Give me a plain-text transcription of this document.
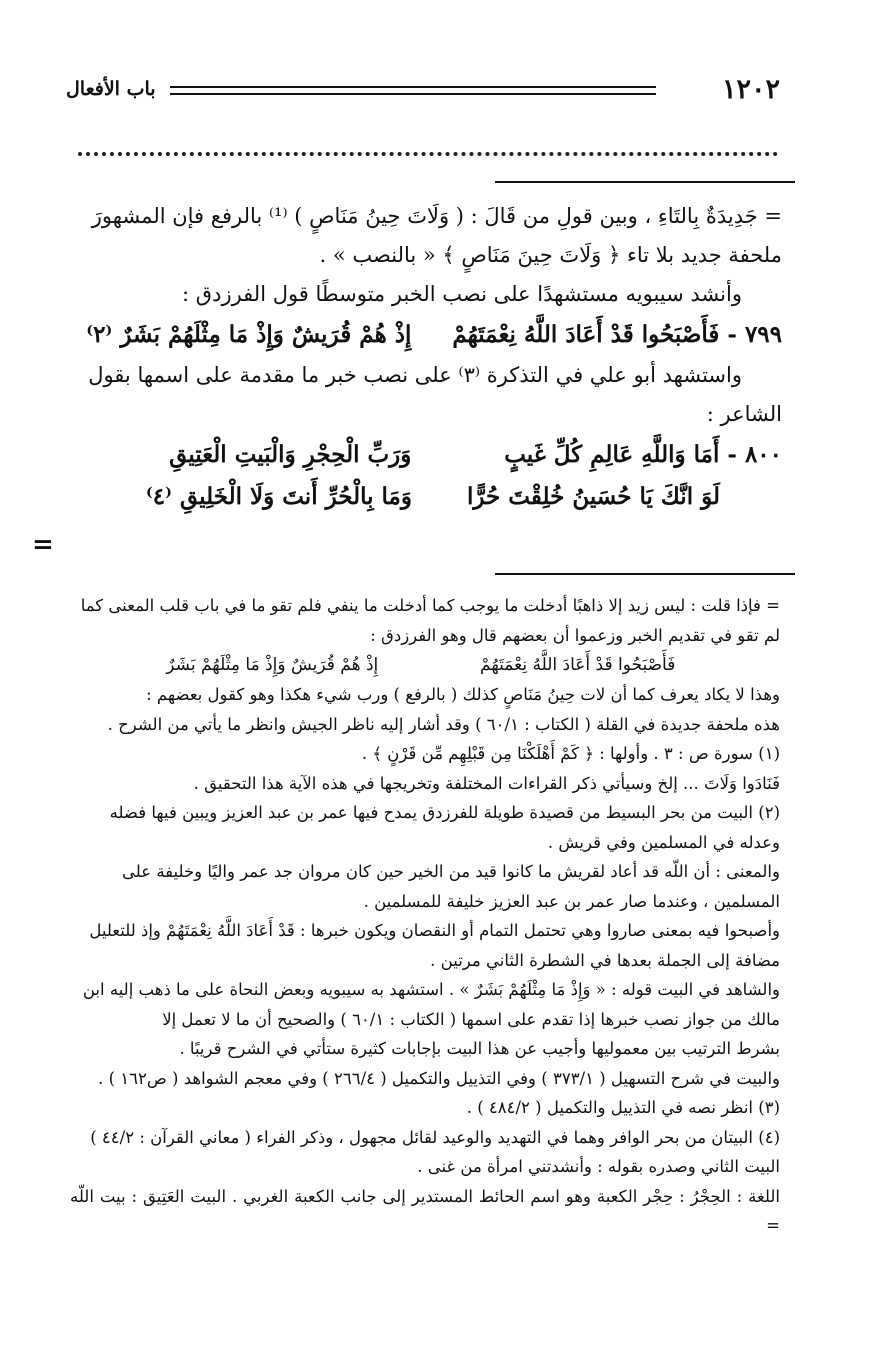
١٢٠٢
باب الأفعال

= جَدِيدَةٌ بِالتَاءِ ، وبين قولِ من قَالَ : ( وَلَاتَ حِينُ مَنَاصٍ ) ⁽¹⁾ بالرفع فإن المشهورَ

ملحفة جديد بلا تاء ﴿ وَلَاتَ حِينَ مَنَاصٍ ﴾ « بالنصب » .

وأنشد سيبويه مستشهدًا على نصب الخبر متوسطًا قول الفرزدق :

٧٩٩ - فَأَصْبَحُوا قَدْ أَعَادَ اللَّهُ نِعْمَتَهُمْ إِذْ هُمْ قُرَيشٌ وَإِذْ مَا مِثْلَهُمْ بَشَرٌ ⁽٢⁾

واستشهد أبو علي في التذكرة ⁽٣⁾ على نصب خبر ما مقدمة على اسمها بقول

الشاعر :

٨٠٠ - أَمَا وَاللَّهِ عَالِمِ كُلِّ غَيبٍ وَرَبِّ الْحِجْرِ وَالْبَيتِ الْعَتِيقِ

لَوَ انَّكَ يَا حُسَينُ خُلِقْتَ حُرًّا وَمَا بِالْحُرِّ أَنتَ وَلَا الْخَلِيقِ ⁽٤⁾

=

= فإذا قلت : ليس زيد إلا ذاهبًا أدخلت ما يوجب كما أدخلت ما ينفي فلم تقو ما في باب قلب المعنى كما

لم تقو في تقديم الخبر وزعموا أن بعضهم قال وهو الفرزدق :

فَأَصْبَحُوا قَدْ أَعَادَ اللَّهُ نِعْمَتَهُمْ إِذْ هُمْ قُرَيشٌ وَإِذْ مَا مِثْلَهُمْ بَشَرٌ

وهذا لا يكاد يعرف كما أن لات حِينُ مَنَاصٍ كذلك ( بالرفع ) ورب شيء هكذا وهو كقول بعضهم :

هذه ملحفة جديدة في القلة ( الكتاب : ٦٠/١ ) وقد أشار إليه ناظر الجيش وانظر ما يأتي من الشرح .

(١) سورة ص : ٣ . وأولها : ﴿ كَمْ أَهْلَكْنَا مِن قَبْلِهِم مِّن قَرْنٍ ﴾ .

فَنَادَوا وَلَاتَ ... إلخ وسيأتي ذكر القراءات المختلفة وتخريجها في هذه الآية هذا التحقيق .

(٢) البيت من بحر البسيط من قصيدة طويلة للفرزدق يمدح فيها عمر بن عبد العزيز ويبين فيها فضله

وعدله في المسلمين وفي قريش .

والمعنى : أن اللّه قد أعاد لقريش ما كانوا قيد من الخير حين كان مروان جد عمر واليًا وخليفة على

المسلمين ، وعندما صار عمر بن عبد العزيز خليفة للمسلمين .

وأصبحوا فيه بمعنى صاروا وهي تحتمل التمام أو النقصان ويكون خبرها : قَدْ أَعَادَ اللَّهُ نِعْمَتَهُمْ وإذ للتعليل

مضافة إلى الجملة بعدها في الشطرة الثاني مرتين .

والشاهد في البيت قوله : « وَإِذْ مَا مِثْلَهُمْ بَشَرٌ » . استشهد به سيبويه وبعض النحاة على ما ذهب إليه ابن

مالك من جواز نصب خبرها إذا تقدم على اسمها ( الكتاب : ٦٠/١ ) والصحيح أن ما لا تعمل إلا

بشرط الترتيب بين معموليها وأجيب عن هذا البيت بإجابات كثيرة ستأتي في الشرح قريبًا .

والبيت في شرح التسهيل ( ٣٧٣/١ ) وفي التذييل والتكميل ( ٢٦٦/٤ ) وفي معجم الشواهد ( ص١٦٢ ) .

(٣) انظر نصه في التذييل والتكميل ( ٤٨٤/٢ ) .

(٤) البيتان من بحر الوافر وهما في التهديد والوعيد لقائل مجهول ، وذكر الفراء ( معاني القرآن : ٤٤/٢ )

البيت الثاني وصدره بقوله : وأنشدتني امرأة من غنى .

اللغة : الحِجْرُ : حِجْر الكعبة وهو اسم الحائط المستدير إلى جانب الكعبة الغربي . البيت العَتِيق : بيت اللّه =
